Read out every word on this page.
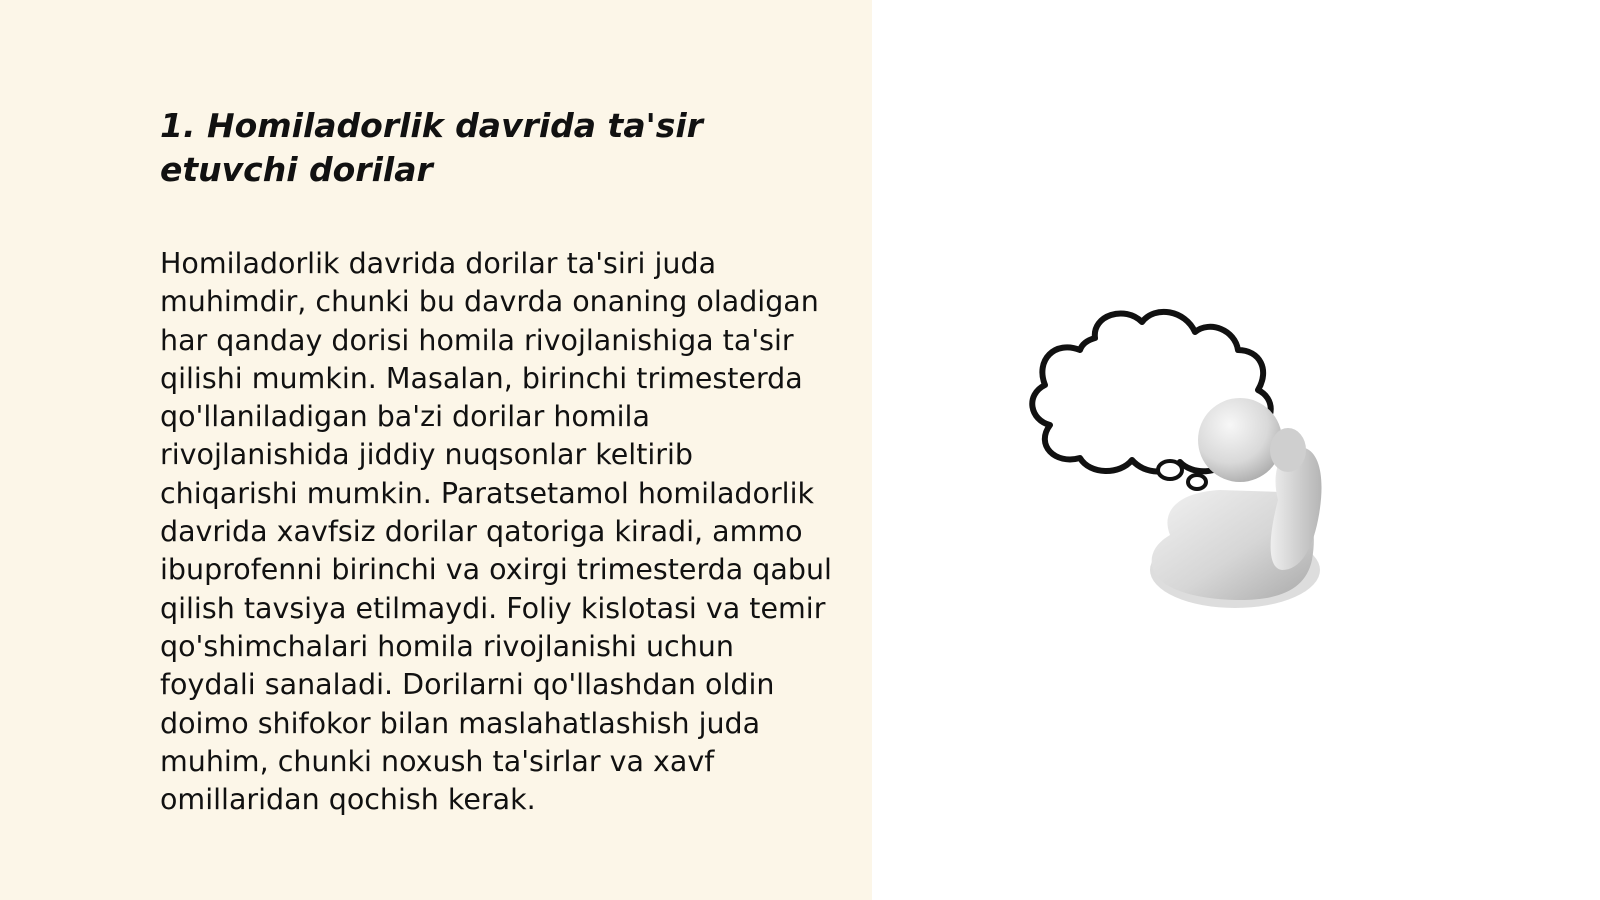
1. Homiladorlik davrida ta'sir etuvchi dorilar

Homiladorlik davrida dorilar ta'siri juda muhimdir, chunki bu davrda onaning oladigan har qanday dorisi homila rivojlanishiga ta'sir qilishi mumkin. Masalan, birinchi trimesterda qo'llaniladigan ba'zi dorilar homila rivojlanishida jiddiy nuqsonlar keltirib chiqarishi mumkin. Paratsetamol homiladorlik davrida xavfsiz dorilar qatoriga kiradi, ammo ibuprofenni birinchi va oxirgi trimesterda qabul qilish tavsiya etilmaydi. Foliy kislotasi va temir qo'shimchalari homila rivojlanishi uchun foydali sanaladi. Dorilarni qo'llashdan oldin doimo shifokor bilan maslahatlashish juda muhim, chunki noxush ta'sirlar va xavf omillaridan qochish kerak.
